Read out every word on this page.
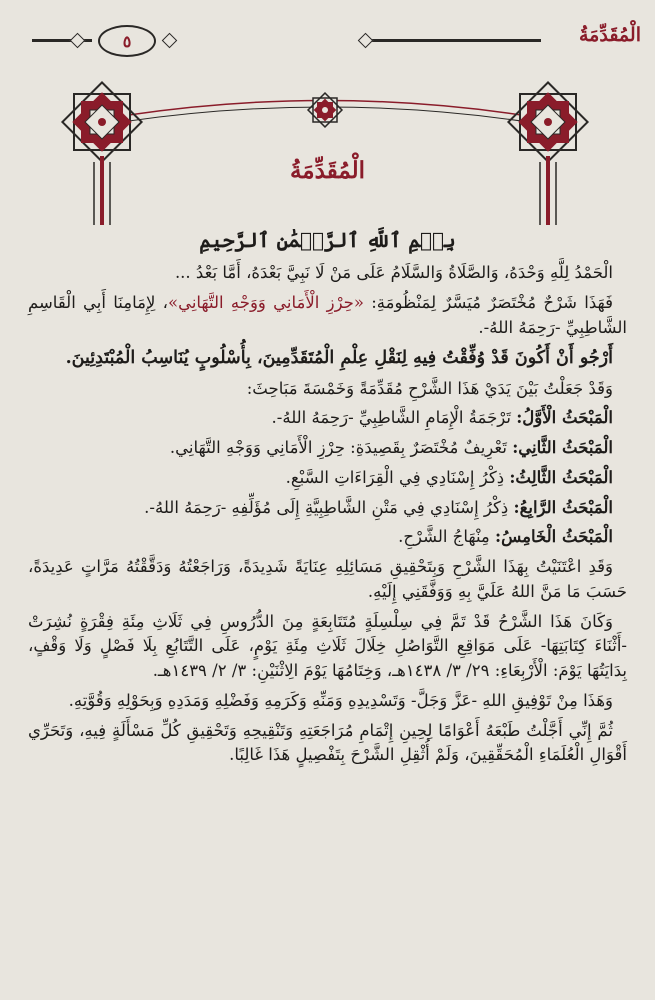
الْمُقَدِّمَةُ
٥
الْمُقَدِّمَةُ

بِسۡمِ ٱللَّهِ ٱلرَّحۡمَٰنِ ٱلرَّحِيمِ

الْحَمْدُ لِلَّهِ وَحْدَهُ، وَالصَّلَاةُ وَالسَّلَامُ عَلَى مَنْ لَا نَبِيَّ بَعْدَهُ، أَمَّا بَعْدُ ...

فَهَذَا شَرْحٌ مُخْتَصَرٌ مُيَسَّرٌ لِمَنْظُومَةِ: «حِرْزِ الْأَمَانِي وَوَجْهِ التَّهَانِي»، لِإِمَامِنَا أَبِي الْقَاسِمِ الشَّاطِبِيِّ -رَحِمَهُ اللهُ-.

أَرْجُو أَنْ أَكُونَ قَدْ وُفِّقْتُ فِيهِ لِنَقْلِ عِلْمِ الْمُتَقَدِّمِينَ، بِأُسْلُوبٍ يُنَاسِبُ الْمُبْتَدِئِينَ.

وَقَدْ جَعَلْتُ بَيْنَ يَدَيْ هَذَا الشَّرْحِ مُقَدِّمَةً وَخَمْسَةَ مَبَاحِثَ:

الْمَبْحَثُ الْأَوَّلُ: تَرْجَمَةُ الْإِمَامِ الشَّاطِبِيِّ -رَحِمَهُ اللهُ-.

الْمَبْحَثُ الثَّانِي: تَعْرِيفٌ مُخْتَصَرٌ بِقَصِيدَةِ: حِرْزِ الْأَمَانِي وَوَجْهِ التَّهَانِي.

الْمَبْحَثُ الثَّالِثُ: ذِكْرُ إِسْنَادِي فِي الْقِرَاءَاتِ السَّبْعِ.

الْمَبْحَثُ الرَّابِعُ: ذِكْرُ إِسْنَادِي فِي مَتْنِ الشَّاطِبِيَّةِ إِلَى مُؤَلِّفِهِ -رَحِمَهُ اللهُ-.

الْمَبْحَثُ الْخَامِسُ: مِنْهَاجُ الشَّرْحِ.

وَقَدِ اعْتَنَيْتُ بِهَذَا الشَّرْحِ وَبِتَحْقِيقِ مَسَائِلِهِ عِنَايَةً شَدِيدَةً، وَرَاجَعْتُهُ وَدَقَّقْتُهُ مَرَّاتٍ عَدِيدَةً، حَسَبَ مَا مَنَّ اللهُ عَلَيَّ بِهِ وَوَفَّقَنِي إِلَيْهِ.

وَكَانَ هَذَا الشَّرْحُ قَدْ تَمَّ فِي سِلْسِلَةٍ مُتَتَابِعَةٍ مِنَ الدُّرُوسِ فِي ثَلَاثِ مِئَةِ فِقْرَةٍ نُشِرَتْ -أَثْنَاءَ كِتَابَتِهَا- عَلَى مَوَاقِعِ التَّوَاصُلِ خِلَالَ ثَلَاثِ مِئَةِ يَوْمٍ، عَلَى التَّتَابُعِ بِلَا فَصْلٍ وَلَا وَقْفٍ، بِدَايَتُهَا يَوْمَ: الْأَرْبِعَاءِ: ٢٩/ ٣/ ١٤٣٨هـ، وَخِتَامُهَا يَوْمَ الِاثْنَيْنِ: ٣/ ٢/ ١٤٣٩هـ.

وَهَذَا مِنْ تَوْفِيقِ اللهِ -عَزَّ وَجَلَّ- وَتَسْدِيدِهِ وَمَنِّهِ وَكَرَمِهِ وَفَضْلِهِ وَمَدَدِهِ وَبِحَوْلِهِ وَقُوَّتِهِ.

ثُمَّ إِنِّي أَجَّلْتُ طَبْعَهُ أَعْوَامًا لِحِينِ إِتْمَامِ مُرَاجَعَتِهِ وَتَنْقِيحِهِ وَتَحْقِيقِ كُلِّ مَسْأَلَةٍ فِيهِ، وَتَحَرِّي أَقْوَالِ الْعُلَمَاءِ الْمُحَقِّقِينَ، وَلَمْ أُثْقِلِ الشَّرْحَ بِتَفْصِيلٍ هَذَا غَالِبًا.
